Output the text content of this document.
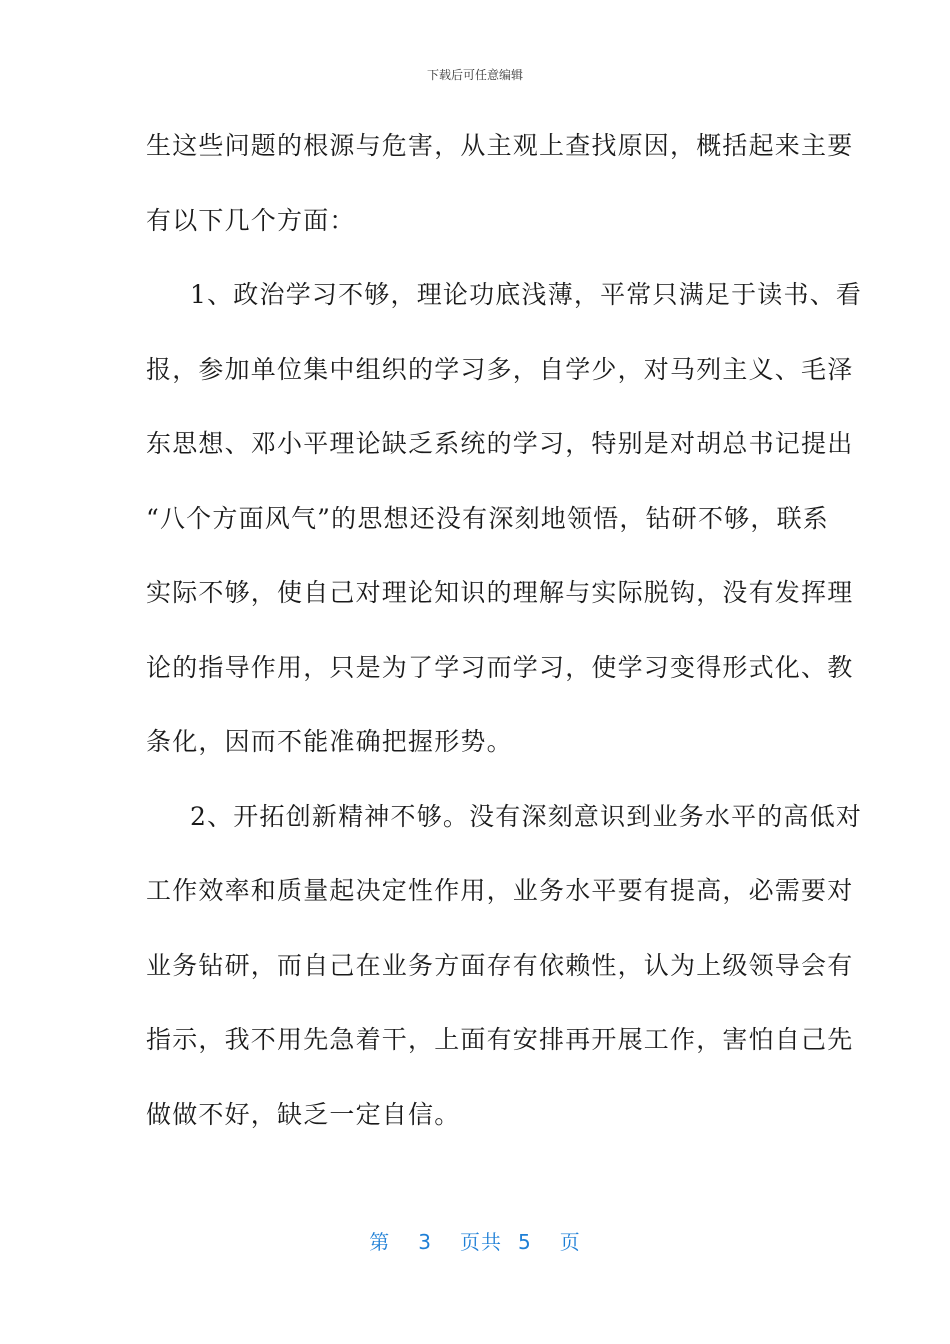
下载后可任意编辑
生这些问题的根源与危害，从主观上查找原因，概括起来主要
有以下几个方面：
1、政治学习不够，理论功底浅薄，平常只满足于读书、看
报，参加单位集中组织的学习多，自学少，对马列主义、毛泽
东思想、邓小平理论缺乏系统的学习，特别是对胡总书记提出
“八个方面风气”的思想还没有深刻地领悟，钻研不够，联系
实际不够，使自己对理论知识的理解与实际脱钩，没有发挥理
论的指导作用，只是为了学习而学习，使学习变得形式化、教
条化，因而不能准确把握形势。
2、开拓创新精神不够。没有深刻意识到业务水平的高低对
工作效率和质量起决定性作用，业务水平要有提高，必需要对
业务钻研，而自己在业务方面存有依赖性，认为上级领导会有
指示，我不用先急着干，上面有安排再开展工作，害怕自己先
做做不好，缺乏一定自信。
第 3 页共 5 页
